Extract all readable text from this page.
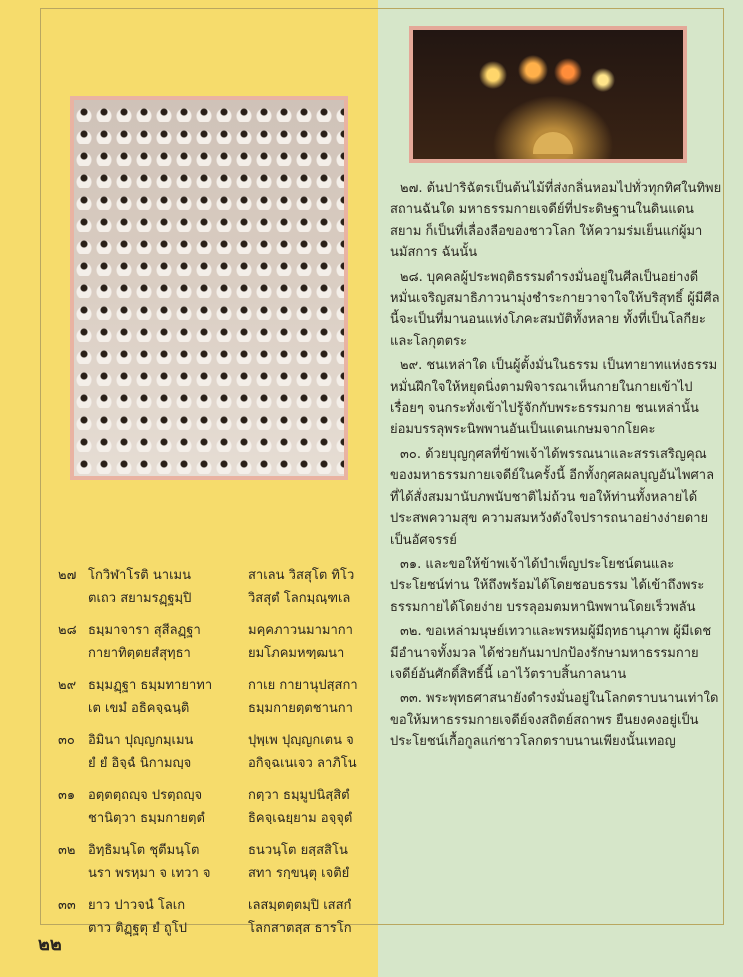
๒๗. ต้นปาริฉัตรเป็นต้นไม้ที่ส่งกลิ่นหอมไปทั่วทุกทิศในทิพยสถานฉันใด มหาธรรมกายเจดีย์ที่ประดิษฐานในดินแดนสยาม ก็เป็นที่เลื่องลือของชาวโลก ให้ความร่มเย็นแก่ผู้มานมัสการ ฉันนั้น

๒๘. บุคคลผู้ประพฤติธรรมดำรงมั่นอยู่ในศีลเป็นอย่างดี หมั่นเจริญสมาธิภาวนามุ่งชำระกายวาจาใจให้บริสุทธิ์ ผู้มีศีลนี้จะเป็นที่มานอนแห่งโภคะสมบัติทั้งหลาย ทั้งที่เป็นโลกียะและโลกุตตระ

๒๙. ชนเหล่าใด เป็นผู้ตั้งมั่นในธรรม เป็นทายาทแห่งธรรม หมั่นฝึกใจให้หยุดนิ่งตามพิจารณาเห็นกายในกายเข้าไปเรื่อยๆ จนกระทั่งเข้าไปรู้จักกับพระธรรมกาย ชนเหล่านั้นย่อมบรรลุพระนิพพานอันเป็นแดนเกษมจากโยคะ

๓๐. ด้วยบุญกุศลที่ข้าพเจ้าได้พรรณนาและสรรเสริญคุณของมหาธรรมกายเจดีย์ในครั้งนี้ อีกทั้งกุศลผลบุญอันไพศาลที่ได้สั่งสมมานับภพนับชาติไม่ถ้วน ขอให้ท่านทั้งหลายได้ประสพความสุข ความสมหวังดังใจปรารถนาอย่างง่ายดายเป็นอัศจรรย์

๓๑. และขอให้ข้าพเจ้าได้บำเพ็ญประโยชน์ตนและประโยชน์ท่าน ให้ถึงพร้อมได้โดยชอบธรรม ได้เข้าถึงพระธรรมกายได้โดยง่าย บรรลุอมตมหานิพพานโดยเร็วพลัน

๓๒. ขอเหล่ามนุษย์เทวาและพรหมผู้มีฤทธานุภาพ ผู้มีเดช มีอำนาจทั้งมวล ได้ช่วยกันมาปกป้องรักษามหาธรรมกายเจดีย์อันศักดิ์สิทธิ์นี้ เอาไว้ตราบสิ้นกาลนาน

๓๓. พระพุทธศาสนายังดำรงมั่นอยู่ในโลกตราบนานเท่าใด ขอให้มหาธรรมกายเจดีย์จงสถิตย์สถาพร ยืนยงคงอยู่เป็นประโยชน์เกื้อกูลแก่ชาวโลกตราบนานเพียงนั้นเทอญ

๒๗ โกวิฬาโรติ นาเมน	สาเลน วิสสุโต ทิโว
ตเถว สยามรฏฺฐมฺปิ	วิสสุตํ โลกมฺณฺฑเล
๒๘ ธมฺมาจารา สุสีลฏฺฐา	มคฺคภาวนมามากา
กายาทิตฺตยสํสุทฺธา	ยมโภคมหฑฺฒนา
๒๙ ธมฺมฏฺฐา ธมฺมทายาทา	กาเย กายานุปสฺสกา
เต เขมํ อธิคจฺฉนฺติ	ธมฺมกายตฺตชานกา
๓๐	อิมินา ปุญฺญกมฺเมน	ปุพฺเพ ปุญฺญกเตน จ
ยํ ยํ อิจฺฉํ นิกามญฺจ	อกิจฺฉเนเจว ลาภิโน
๓๑ อตฺตตฺถญฺจ ปรตฺถญฺจ	กตฺวา ธมฺมูปนิสฺสิตํ
ชานิตฺวา ธมฺมกายตฺตํ	ธิคจฺเฉยฺยาม อจฺจุตํ
๓๒ อิทฺธิมนฺโต ชุตีมนฺโต	ธนวนฺโต ยสฺสสิโน
นรา พรหฺมา จ เทวา จ	สทา รกฺขนฺตุ เจติยํ
๓๓ ยาว ปาวจนํ โลเก	เลสมฺตตฺตมฺปิ เสสกํ
ตาว ติฏฺฐตุ ยํ ถูโป	โลกสาตสฺส ธารโก
๒๒
